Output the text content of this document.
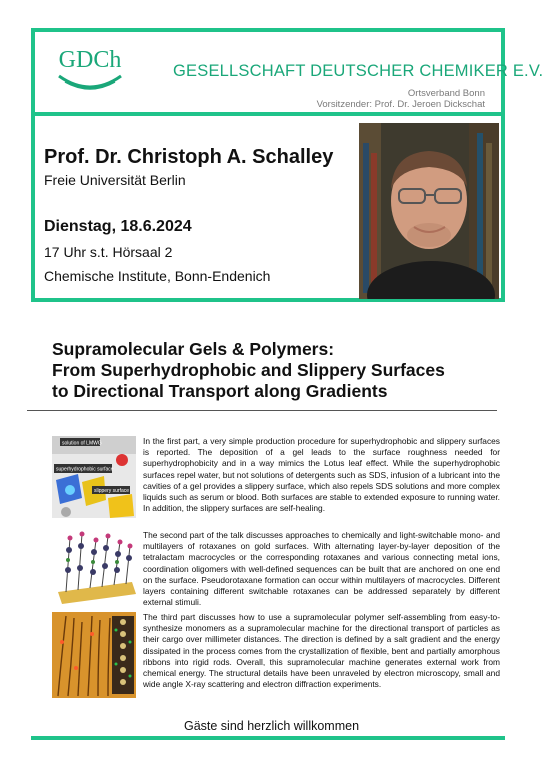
GDCh	GESELLSCHAFT DEUTSCHER CHEMIKER E.V.
Ortsverband Bonn
Vorsitzender: Prof. Dr. Jeroen Dickschat
Prof. Dr. Christoph A. Schalley
Freie Universität Berlin
Dienstag, 18.6.2024
17 Uhr s.t. Hörsaal 2
Chemische Institute, Bonn-Endenich
Supramolecular Gels & Polymers:
From Superhydrophobic and Slippery Surfaces
to Directional Transport along Gradients
solution of LMWG
superhydrophobic surface
slippery surface
In the first part, a very simple production procedure for superhydrophobic and slippery surfaces is reported. The deposition of a gel leads to the surface roughness needed for superhydrophobicity and in a way mimics the Lotus leaf effect. While the superhydrophobic surfaces repel water, but not solutions of detergents such as SDS, infusion of a lubricant into the cavities of a gel provides a slippery surface, which also repels SDS solutions and more complex liquids such as serum or blood. Both surfaces are stable to extended exposure to running water. In addition, the slippery surfaces are self-healing.
The second part of the talk discusses approaches to chemically and light-switchable mono- and multilayers of rotaxanes on gold surfaces. With alternating layer-by-layer deposition of the tetralactam macrocycles or the corresponding rotaxanes and various connecting metal ions, coordination oligomers with well-defined sequences can be built that are anchored on one end on the surface. Pseudorotaxane formation can occur within multilayers of macrocycles. Different layers containing different switchable rotaxanes can be addressed separately by different external stimuli.
The third part discusses how to use a supramolecular polymer self-assembling from easy-to-synthesize monomers as a supramolecular machine for the directional transport of particles as their cargo over millimeter distances. The direction is defined by a salt gradient and the energy dissipated in the process comes from the crystallization of flexible, bent and partially amorphous ribbons into rigid rods. Overall, this supramolecular machine generates external work from chemical energy. The structural details have been unraveled by electron microscopy, small and wide angle X-ray scattering and electron diffraction experiments.
Gäste sind herzlich willkommen
